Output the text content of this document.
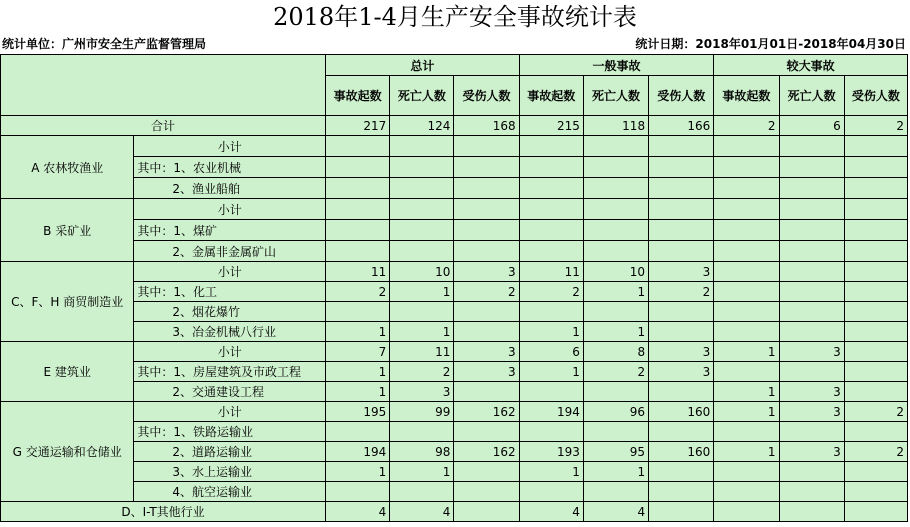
2018年1-4月生产安全事故统计表
统计单位：广州市安全生产监督管理局	统计日期：2018年01月01日-2018年04月30日
		总计			一般事故			较大事故		
		事故起数	死亡人数	受伤人数	事故起数	死亡人数	受伤人数	事故起数	死亡人数	受伤人数
合计		217	124	168	215	118	166	2	6	2
A 农林牧渔业	小计									
	其中：1、农业机械									
	2、渔业船舶									
B 采矿业	小计									
	其中：1、煤矿									
	2、金属非金属矿山									
C、F、H 商贸制造业	小计	11	10	3	11	10	3			
	其中：1、化工	2	1	2	2	1	2			
	2、烟花爆竹									
	3、冶金机械八行业	1	1		1	1				
E 建筑业	小计	7	11	3	6	8	3	1	3	
	其中：1、房屋建筑及市政工程	1	2	3	1	2	3			
	2、交通建设工程	1	3					1	3	
G 交通运输和仓储业	小计	195	99	162	194	96	160	1	3	2
	其中：1、铁路运输业									
	2、道路运输业	194	98	162	193	95	160	1	3	2
	3、水上运输业	1	1		1	1				
	4、航空运输业									
D、I-T其他行业		4	4		4	4				
